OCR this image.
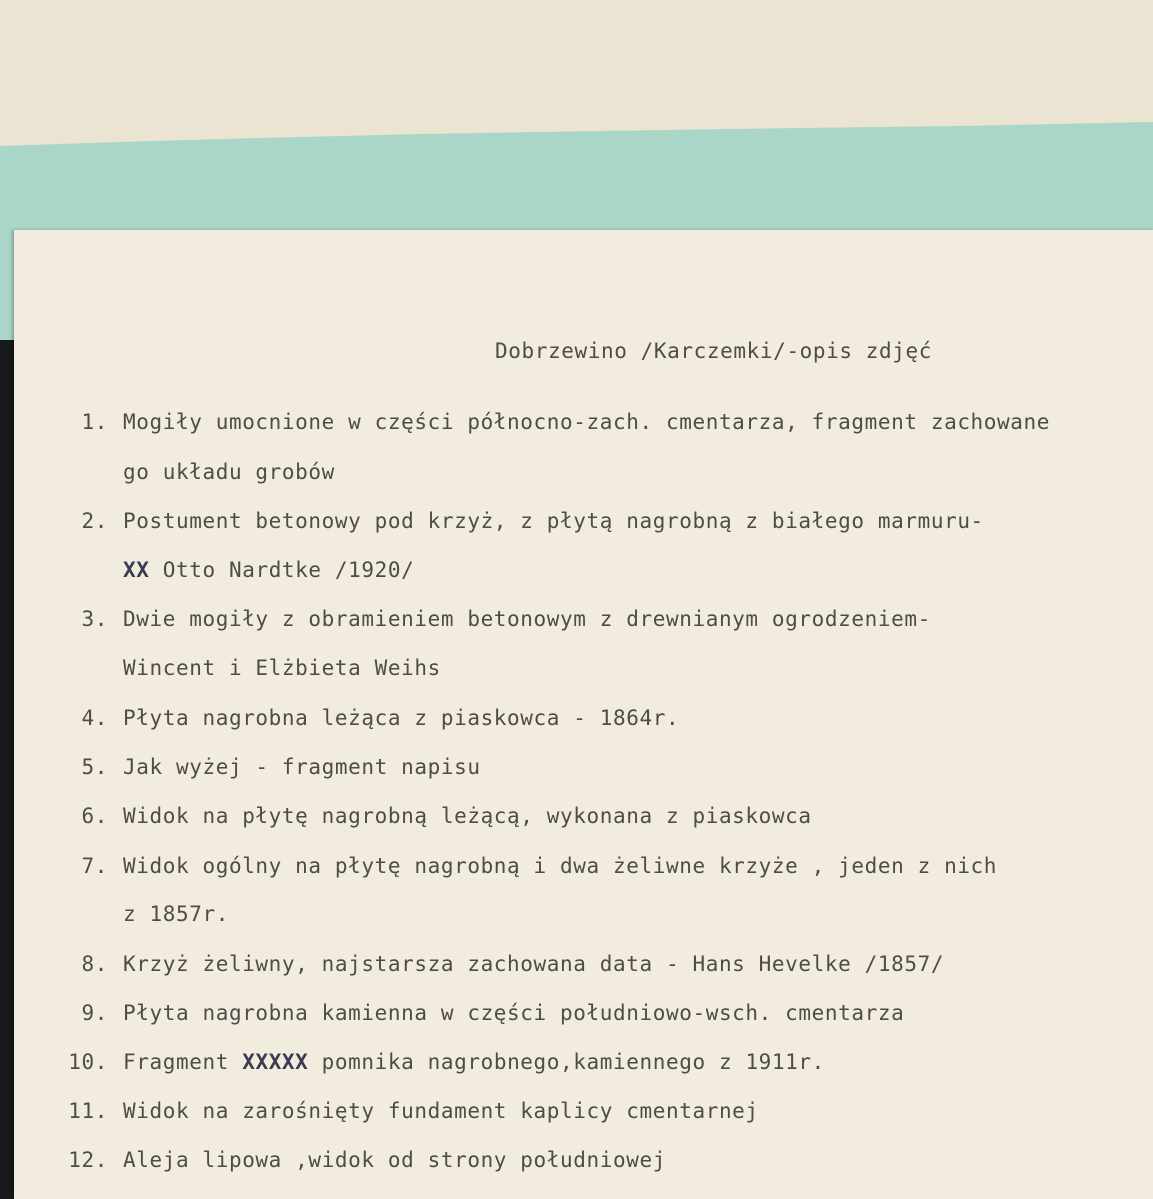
Dobrzewino /Karczemki/-opis zdjęć
1. Mogiły umocnione w części północno-zach. cmentarza, fragment zachowane
go układu grobów
2. Postument betonowy pod krzyż, z płytą nagrobną z białego marmuru-
XX Otto Nardtke /1920/
3. Dwie mogiły z obramieniem betonowym z drewnianym ogrodzeniem-
Wincent i Elżbieta Weihs
4. Płyta nagrobna leżąca z piaskowca - 1864r.
5. Jak wyżej - fragment napisu
6. Widok na płytę nagrobną leżącą, wykonana z piaskowca
7. Widok ogólny na płytę nagrobną i dwa żeliwne krzyże , jeden z nich
z 1857r.
8. Krzyż żeliwny, najstarsza zachowana data - Hans Hevelke /1857/
9. Płyta nagrobna kamienna w części południowo-wsch. cmentarza
10. Fragment XXXXX pomnika nagrobnego,kamiennego z 1911r.
11. Widok na zarośnięty fundament kaplicy cmentarnej
12. Aleja lipowa ,widok od strony południowej
